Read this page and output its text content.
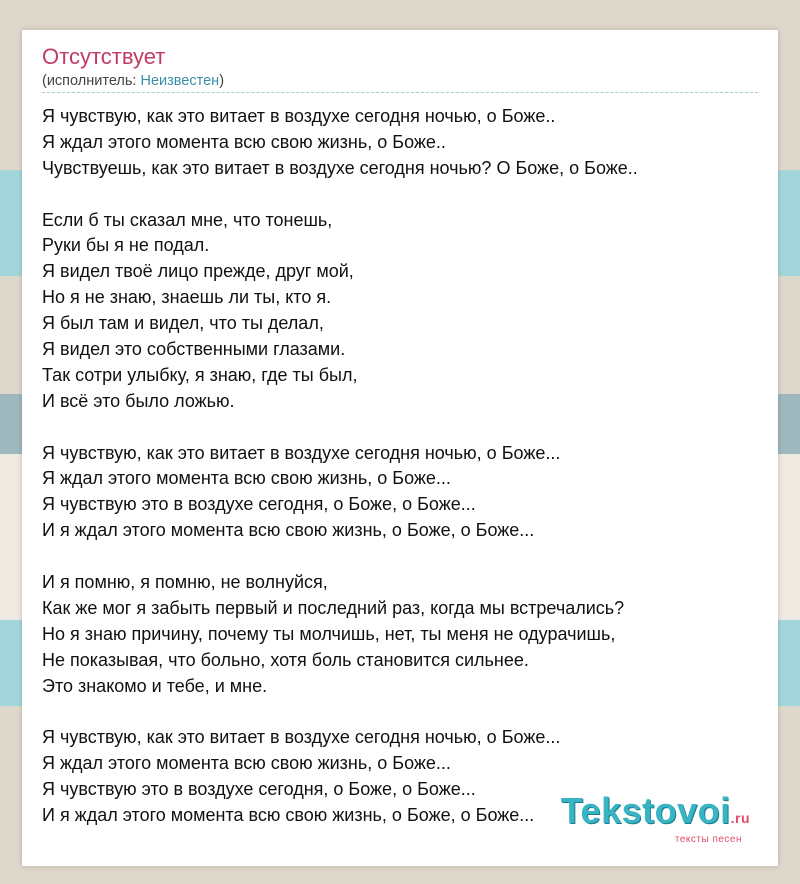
Отсутствует
(исполнитель: Неизвестен)
Я чувствую, как это витает в воздухе сегодня ночью, о Боже..
Я ждал этого момента всю свою жизнь, о Боже..
Чувствуешь, как это витает в воздухе сегодня ночью? О Боже, о Боже..
Если б ты сказал мне, что тонешь,
Руки бы я не подал.
Я видел твоё лицо прежде, друг мой,
Но я не знаю, знаешь ли ты, кто я.
Я был там и видел, что ты делал,
Я видел это собственными глазами.
Так сотри улыбку, я знаю, где ты был,
И всё это было ложью.
Я чувствую, как это витает в воздухе сегодня ночью, о Боже...
Я ждал этого момента всю свою жизнь, о Боже...
Я чувствую это в воздухе сегодня, о Боже, о Боже...
И я ждал этого момента всю свою жизнь, о Боже, о Боже...
И я помню, я помню, не волнуйся,
Как же мог я забыть первый и последний раз, когда мы встречались?
Но я знаю причину, почему ты молчишь, нет, ты меня не одурачишь,
Не показывая, что больно, хотя боль становится сильнее.
Это знакомо и тебе, и мне.
Я чувствую, как это витает в воздухе сегодня ночью, о Боже...
Я ждал этого момента всю свою жизнь, о Боже...
Я чувствую это в воздухе сегодня, о Боже, о Боже...
И я ждал этого момента всю свою жизнь, о Боже, о Боже... Tekstovoi.ru
тексты песен
